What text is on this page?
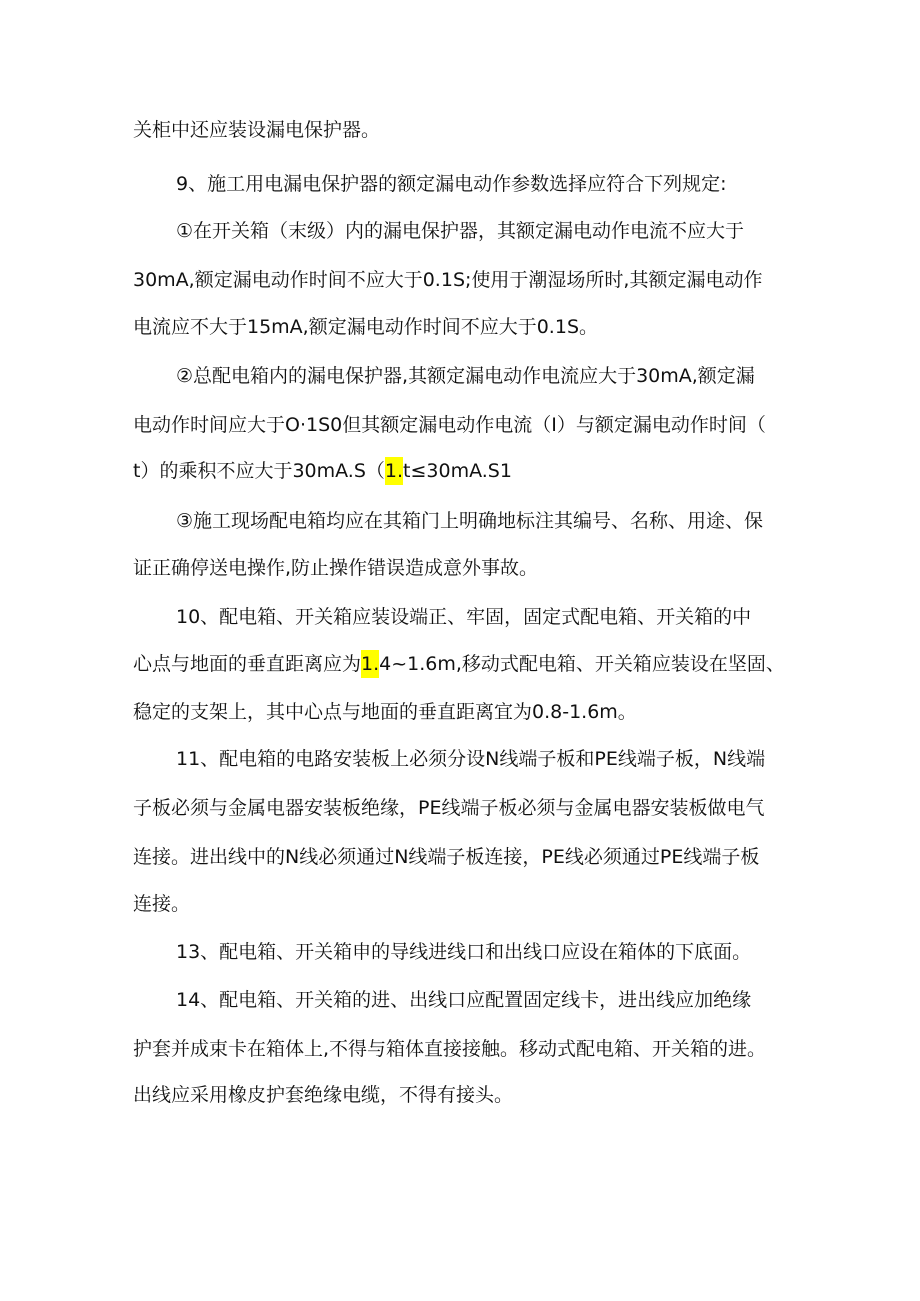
关柜中还应装设漏电保护器。
9、施工用电漏电保护器的额定漏电动作参数选择应符合下列规定:
①在开关箱（末级）内的漏电保护器，其额定漏电动作电流不应大于
30mA,额定漏电动作时间不应大于0.1S;使用于潮湿场所时,其额定漏电动作
电流应不大于15mA,额定漏电动作时间不应大于0.1S。
②总配电箱内的漏电保护器,其额定漏电动作电流应大于30mA,额定漏
电动作时间应大于O·1S0但其额定漏电动作电流（I）与额定漏电动作时间（
t）的乘积不应大于30mA.S（1.t≤30mA.S1
③施工现场配电箱均应在其箱门上明确地标注其编号、名称、用途、保
证正确停送电操作,防止操作错误造成意外事故。
10、配电箱、开关箱应装设端正、牢固，固定式配电箱、开关箱的中
心点与地面的垂直距离应为1.4~1.6m,移动式配电箱、开关箱应装设在坚固、
稳定的支架上，其中心点与地面的垂直距离宜为0.8-1.6m。
11、配电箱的电路安装板上必须分设N线端子板和PE线端子板，N线端
子板必须与金属电器安装板绝缘，PE线端子板必须与金属电器安装板做电气
连接。进出线中的N线必须通过N线端子板连接，PE线必须通过PE线端子板
连接。
13、配电箱、开关箱申的导线进线口和出线口应设在箱体的下底面。
14、配电箱、开关箱的进、出线口应配置固定线卡，进出线应加绝缘
护套并成束卡在箱体上,不得与箱体直接接触。移动式配电箱、开关箱的进。
出线应采用橡皮护套绝缘电缆，不得有接头。
